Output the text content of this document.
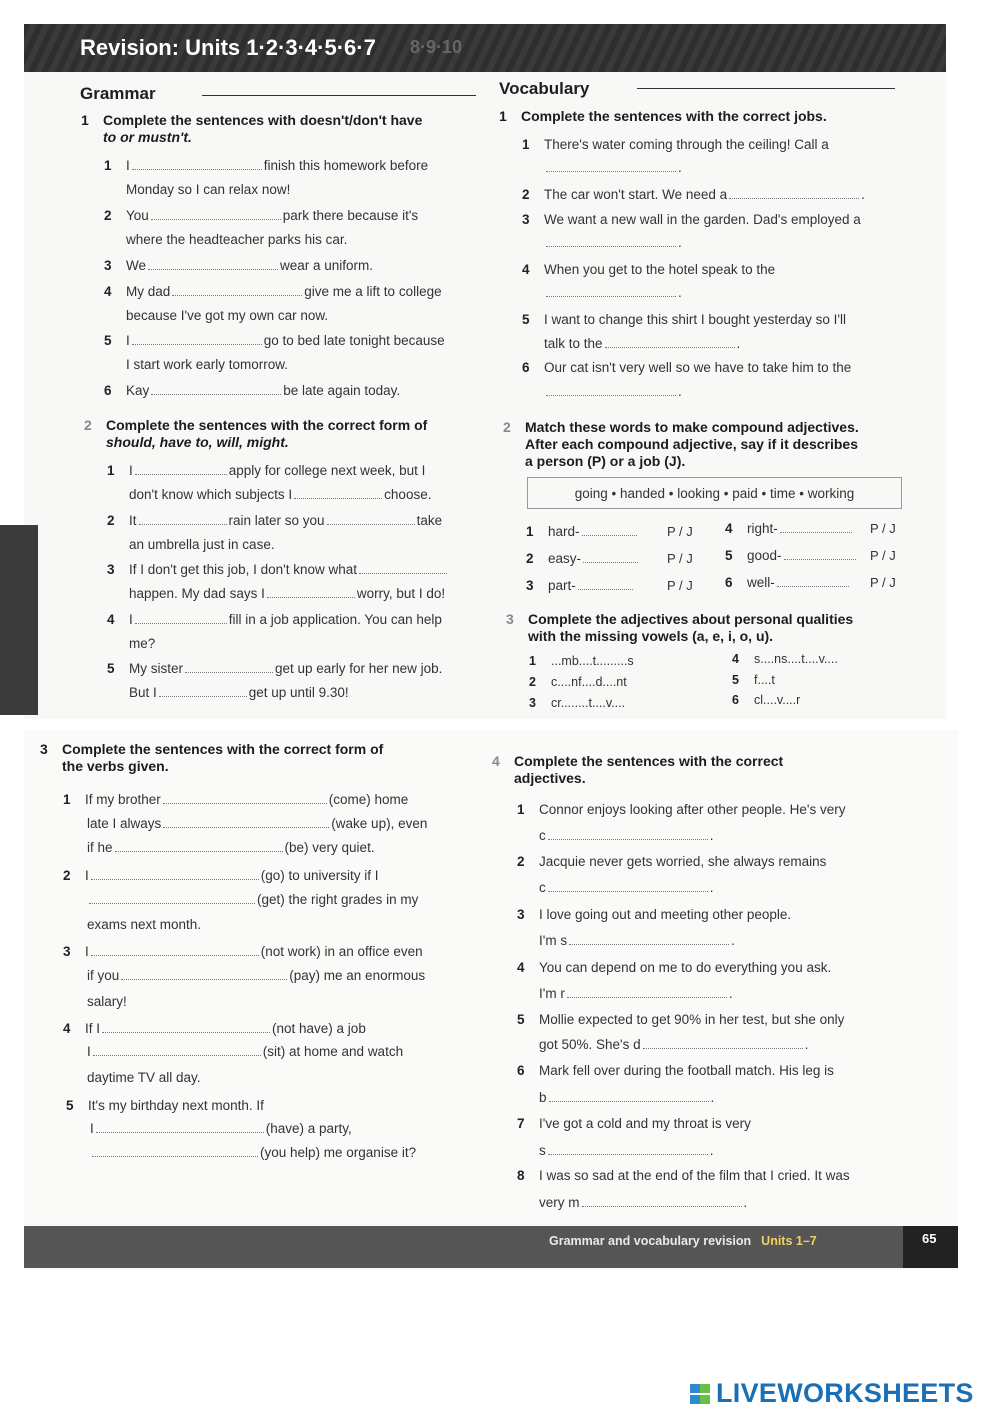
Revision: Units 1·2·3·4·5·6·7 8·9·10
Grammar
1 Complete the sentences with doesn't/don't have
to or mustn't.
1 I	finish this homework before
Monday so I can relax now!
2 You	park there because it's
where the headteacher parks his car.
3 We	wear a uniform.
4 My dad	give me a lift to college
because I've got my own car now.
5 I	go to bed late tonight because
I start work early tomorrow.
6 Kay	be late again today.
2 Complete the sentences with the correct form of
should, have to, will, might.
1 I	apply for college next week, but I
don't know which subjects I	choose.
2 It	rain later so you	take
an umbrella just in case.
3 If I don't get this job, I don't know what
happen. My dad says I	worry, but I do!
4 I	fill in a job application. You can help
me?
5 My sister	get up early for her new job.
But I	get up until 9.30!
Vocabulary
1 Complete the sentences with the correct jobs.
1 There's water coming through the ceiling! Call a
.
2 The car won't start. We need a	.
3 We want a new wall in the garden. Dad's employed a
.
4 When you get to the hotel speak to the
.
5 I want to change this shirt I bought yesterday so I'll
talk to the	.
6 Our cat isn't very well so we have to take him to the
.
2 Match these words to make compound adjectives.
After each compound adjective, say if it describes
a person (P) or a job (J).
going • handed • looking • paid • time • working
1 hard-	P / J
2 easy-	P / J
3 part-	P / J
4 right-	P / J
5 good-	P / J
6 well-	P / J
3 Complete the adjectives about personal qualities
with the missing vowels (a, e, i, o, u).
1 ...mb....t.........s
2 c....nf....d....nt
3 cr........t....v....
4 s....ns....t....v....
5 f....t
6 cl....v....r
3 Complete the sentences with the correct form of
the verbs given.
1 If my brother	(come) home
late I always	(wake up), even
if he	(be) very quiet.
2 I	(go) to university if I
(get) the right grades in my
exams next month.
3 I	(not work) in an office even
if you	(pay) me an enormous
salary!
4 If I	(not have) a job
I	(sit) at home and watch
daytime TV all day.
5 It's my birthday next month. If
I	(have) a party,
(you help) me organise it?
4 Complete the sentences with the correct
adjectives.
1 Connor enjoys looking after other people. He's very
c	.
2 Jacquie never gets worried, she always remains
c	.
3 I love going out and meeting other people.
I'm s	.
4 You can depend on me to do everything you ask.
I'm r	.
5 Mollie expected to get 90% in her test, but she only
got 50%. She's d	.
6 Mark fell over during the football match. His leg is
b	.
7 I've got a cold and my throat is very
s	.
8 I was so sad at the end of the film that I cried. It was
very m	.
Grammar and vocabulary revision Units 1–7	65
LIVEWORKSHEETS
